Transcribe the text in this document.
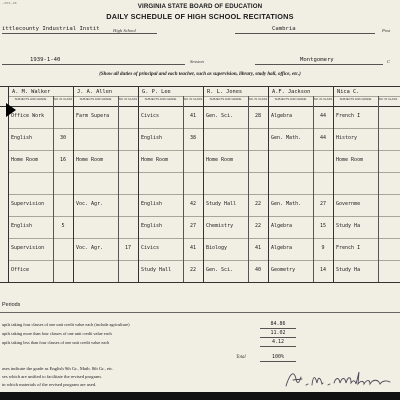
~659~46	VIRGINIA STATE BOARD OF EDUCATION
DAILY SCHEDULE OF HIGH SCHOOL RECITATIONS
ittlecounty Industrial Instit	High School	Cambria	Post
1939-1-40	Session	Montgomery	C
(Show all duties of principal and each teacher, such as supervision, library, study hall, office, etc.)
A. M. Walker
SUBJECTS AND GRADE	NO. IN CLASS
Office Work
English	30
Home Room	16
Supervision
English	5
Supervision
Office
J. A. Allen
SUBJECTS AND GRADE	NO. IN CLASS
Farm Supera
Home Room
Voc. Agr.
Voc. Agr.	17
G. P. Lee
SUBJECTS AND GRADE	NO. IN CLASS
Civics	41
English	38
Home Room
English	42
English	27
Civics	41
Study Hall	22
R. L. Jones
SUBJECTS AND GRADE	NO. IN CLASS
Gen. Sci.	28
Home Room
Study Hall	22
Chemistry	22
Biology	41
Gen. Sci.	40
A.F. Jackson
SUBJECTS AND GRADE	NO. IN CLASS
Algebra	44
Gen. Math.	44
Gen. Math.	27
Algebra	15
Algebra	9
Geometry	14
Nica C.
SUBJECTS AND GRADE	NO. IN CLASS
French I
History
Home Room
Governme
Study Ha
French I
Study Ha
Periods
upils taking four classes of one unit credit value each (include agriculture)	84.86
upils taking more than four classes of one unit credit value each	11.02
upils taking less than four classes of one unit credit value each	4.12
Total	100%
ases indicate the grade as English 9th Gr., Math. 8th Gr., etc.
ses which are unified to facilitate the revised program.
in which materials of the revised program are used.
